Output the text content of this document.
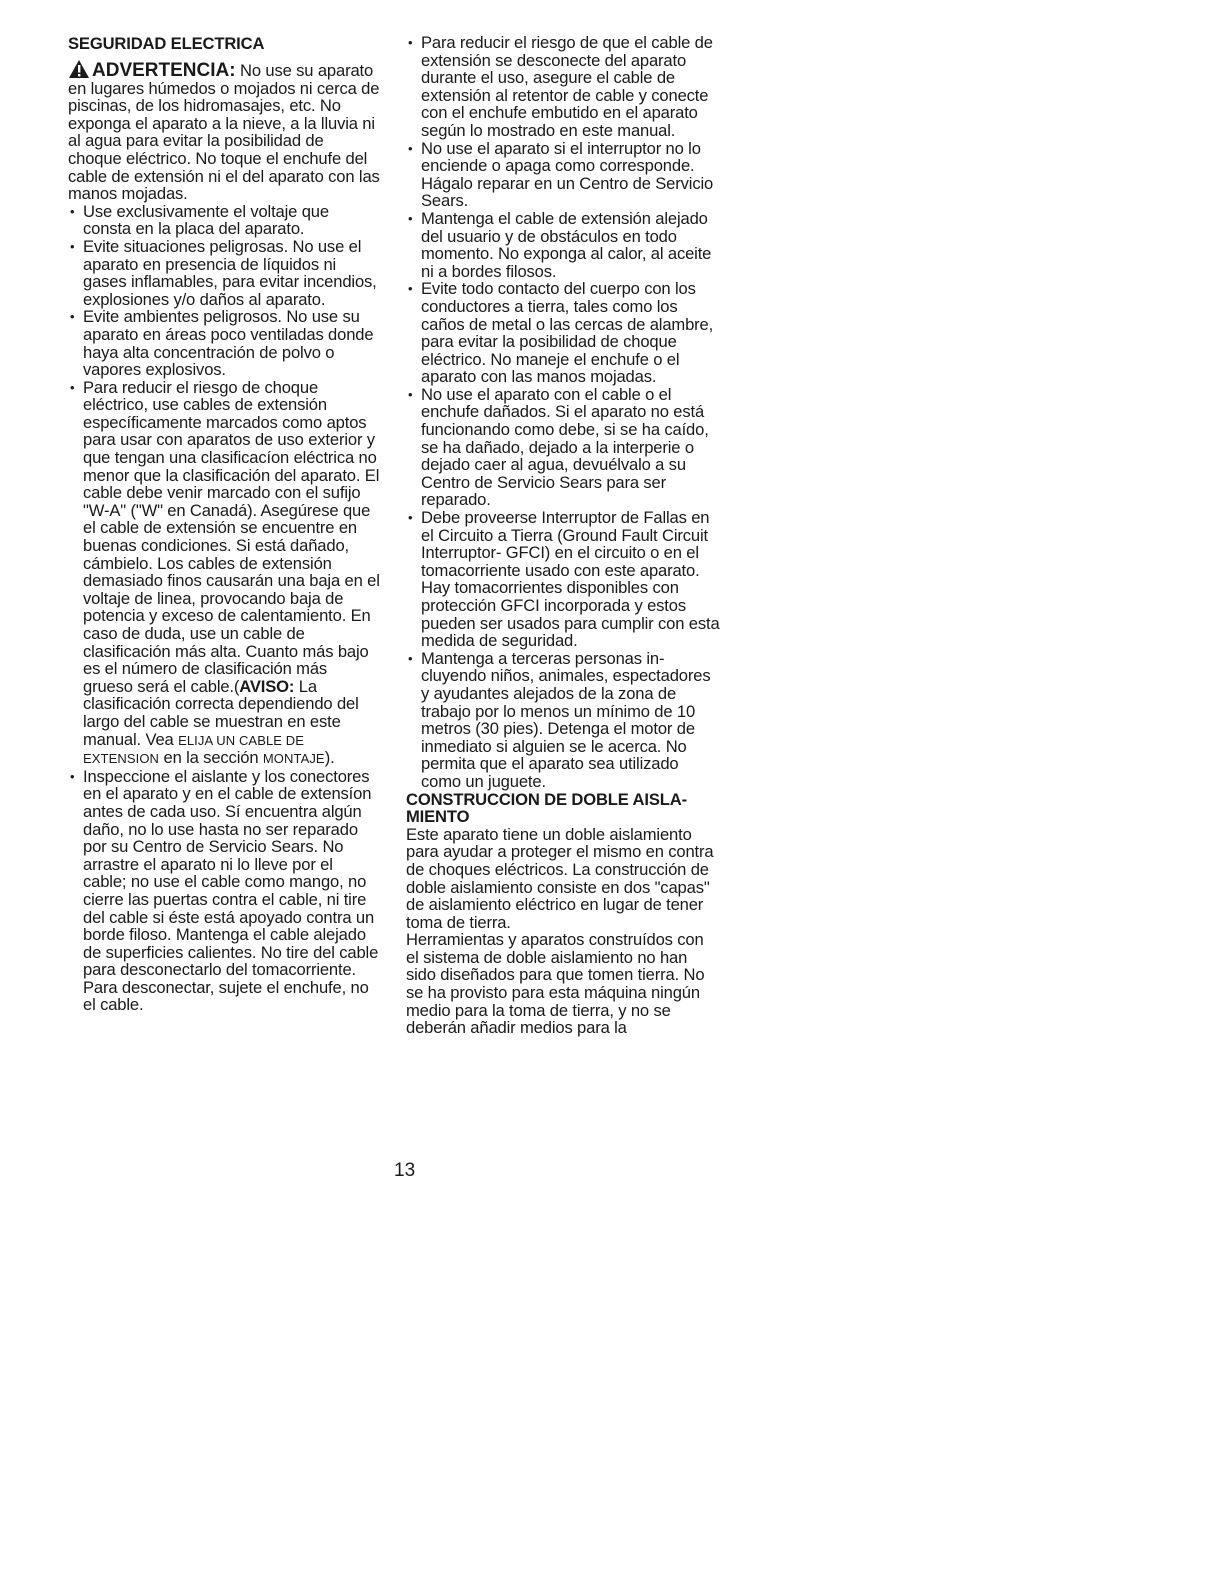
SEGURIDAD ELECTRICA

ADVERTENCIA: No use su aparato en lugares húmedos o mojados ni cerca de piscinas, de los hidromasajes, etc. No exponga el aparato a la nieve, a la lluvia ni al agua para evitar la posibilidad de choque eléctrico. No toque el enchufe del cable de extensión ni el del aparato con las manos mojadas.

• Use exclusivamente el voltaje que consta en la placa del aparato.
• Evite situaciones peligrosas. No use el aparato en presencia de líquidos ni gases inflamables, para evitar incendios, explosiones y/o daños al aparato.
• Evite ambientes peligrosos. No use su aparato en áreas poco ventiladas donde haya alta concentración de polvo o vapores explosivos.
• Para reducir el riesgo de choque eléctrico, use cables de extensión específicamente marcados como aptos para usar con aparatos de uso exterior y que tengan una clasificacíon eléctrica no menor que la clasificación del aparato. El cable debe venir marcado con el sufijo "W-A" ("W" en Canadá). Asegúrese que el cable de extensión se encuentre en buenas condiciones. Si está dañado, cámbielo. Los cables de extensión demasiado finos causarán una baja en el voltaje de linea, provocando baja de potencia y exceso de calentamiento. En caso de duda, use un cable de clasificación más alta. Cuanto más bajo es el número de clasificación más grueso será el cable.(AVISO: La clasificación correcta dependiendo del largo del cable se muestran en este manual. Vea ELIJA UN CABLE DE EXTENSION en la sección MONTAJE).
• Inspeccione el aislante y los conectores en el aparato y en el cable de extensíon antes de cada uso. Sí encuentra algún daño, no lo use hasta no ser reparado por su Centro de Servicio Sears. No arrastre el aparato ni lo lleve por el cable; no use el cable como mango, no cierre las puertas contra el cable, ni tire del cable si éste está apoyado contra un borde filoso. Mantenga el cable alejado de superficies calientes. No tire del cable para desconectarlo del tomacorriente. Para desconectar, sujete el enchufe, no el cable.
• Para reducir el riesgo de que el cable de extensión se desconecte del aparato durante el uso, asegure el cable de extensión al retentor de cable y conecte con el enchufe embutido en el aparato según lo mostrado en este manual.
• No use el aparato si el interruptor no lo enciende o apaga como corresponde. Hágalo reparar en un Centro de Servicio Sears.
• Mantenga el cable de extensión alejado del usuario y de obstáculos en todo momento. No exponga al calor, al aceite ni a bordes filosos.
• Evite todo contacto del cuerpo con los conductores a tierra, tales como los caños de metal o las cercas de alambre, para evitar la posibilidad de choque eléctrico. No maneje el enchufe o el aparato con las manos mojadas.
• No use el aparato con el cable o el enchufe dañados. Si el aparato no está funcionando como debe, si se ha caído, se ha dañado, dejado a la interperie o dejado caer al agua, devuélvalo a su Centro de Servicio Sears para ser reparado.
• Debe proveerse Interruptor de Fallas en el Circuito a Tierra (Ground Fault Circuit Interruptor- GFCI) en el circuito o en el tomacorriente usado con este aparato. Hay tomacorrientes disponibles con protección GFCI incorporada y estos pueden ser usados para cumplir con esta medida de seguridad.
• Mantenga a terceras personas incluyendo niños, animales, espectadores y ayudantes alejados de la zona de trabajo por lo menos un mínimo de 10 metros (30 pies). Detenga el motor de inmediato si alguien se le acerca. No permita que el aparato sea utilizado como un juguete.
CONSTRUCCION DE DOBLE AISLAMIENTO

Este aparato tiene un doble aislamiento para ayudar a proteger el mismo en contra de choques eléctricos. La construcción de doble aislamiento consiste en dos "capas" de aislamiento eléctrico en lugar de tener toma de tierra.

Herramientas y aparatos construídos con el sistema de doble aislamiento no han sido diseñados para que tomen tierra. No se ha provisto para esta máquina ningún medio para la toma de tierra, y no se deberán añadir medios para la

13
